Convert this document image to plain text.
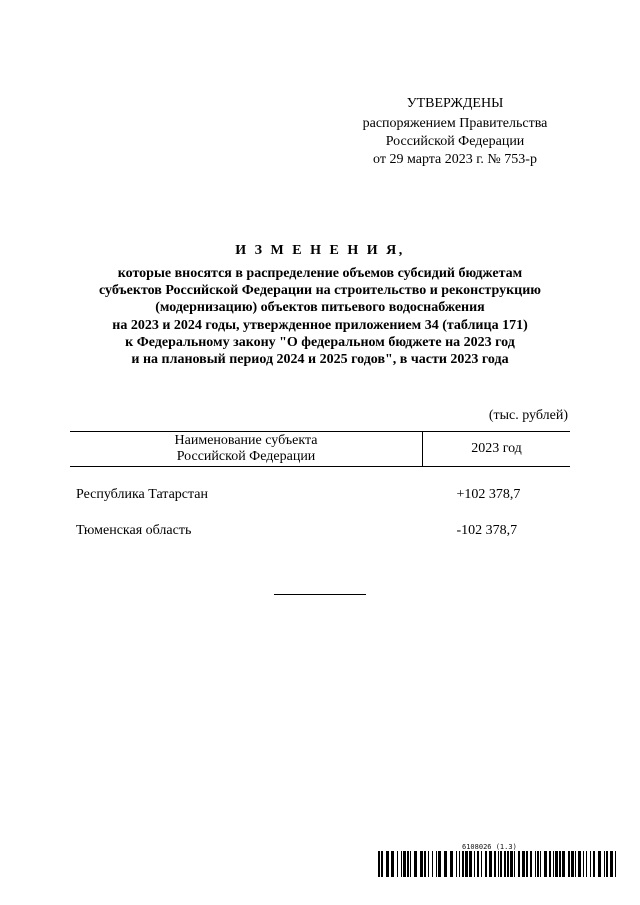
УТВЕРЖДЕНЫ
распоряжением Правительства
Российской Федерации
от 29 марта 2023 г. № 753-р
И З М Е Н Е Н И Я,
которые вносятся в распределение объемов субсидий бюджетам
субъектов Российской Федерации на строительство и реконструкцию
(модернизацию) объектов питьевого водоснабжения
на 2023 и 2024 годы, утвержденное приложением 34 (таблица 171)
к Федеральному закону "О федеральном бюджете на 2023 год
и на плановый период 2024 и 2025 годов", в части 2023 года
(тыс. рублей)
Наименование субъекта
Российской Федерации	2023 год

Республика Татарстан	+102 378,7
Тюменская область	-102 378,7
6108026 (1.3)
